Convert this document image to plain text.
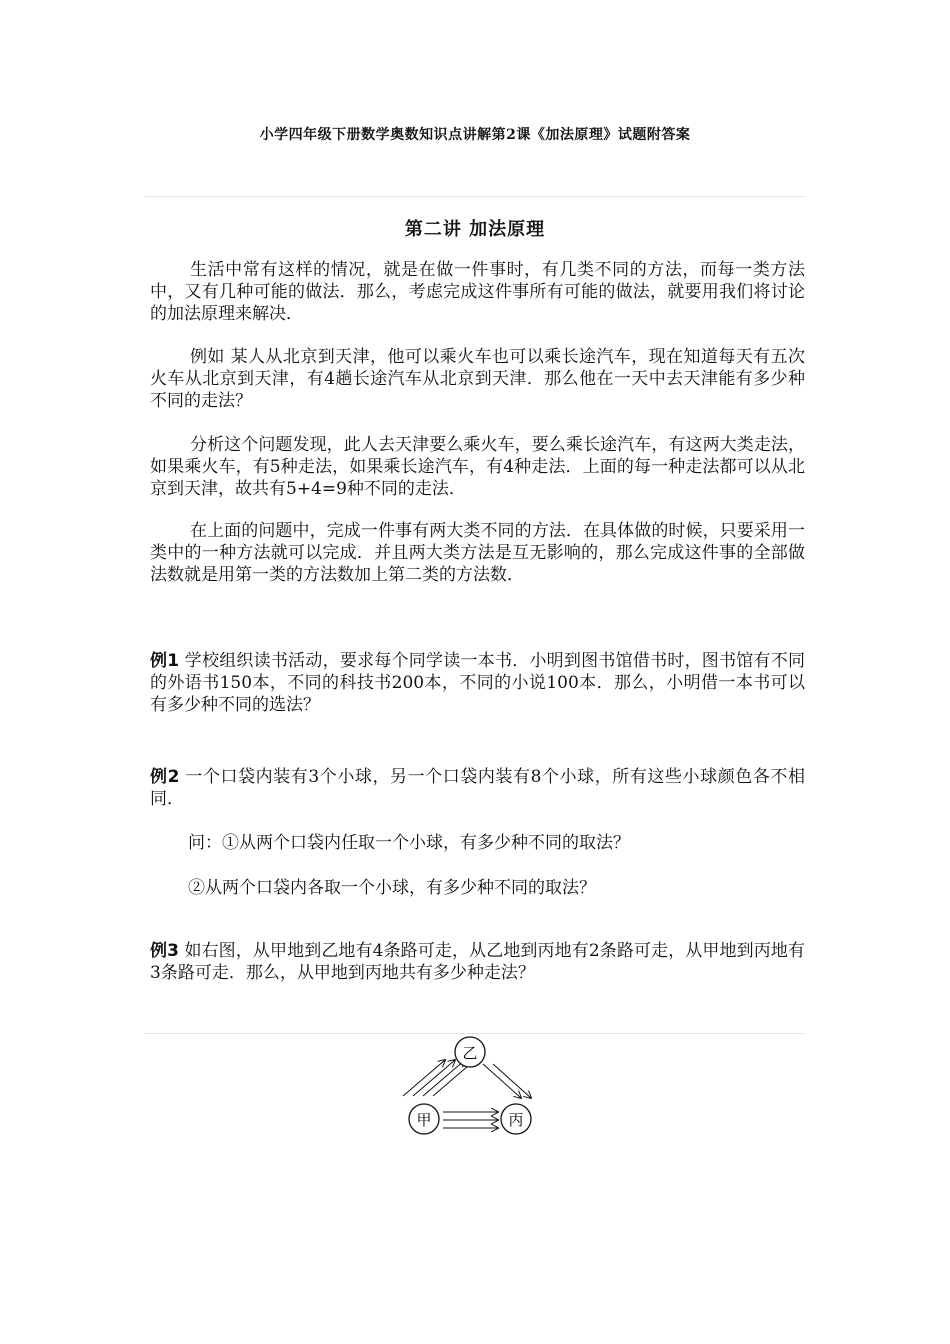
小学四年级下册数学奥数知识点讲解第2课《加法原理》试题附答案
第二讲 加法原理
生活中常有这样的情况，就是在做一件事时，有几类不同的方法，而每一类方法中，又有几种可能的做法．那么，考虑完成这件事所有可能的做法，就要用我们将讨论的加法原理来解决．
例如 某人从北京到天津，他可以乘火车也可以乘长途汽车，现在知道每天有五次火车从北京到天津，有4趟长途汽车从北京到天津．那么他在一天中去天津能有多少种不同的走法？
分析这个问题发现，此人去天津要么乘火车，要么乘长途汽车，有这两大类走法，如果乘火车，有5种走法，如果乘长途汽车，有4种走法．上面的每一种走法都可以从北京到天津，故共有5+4=9种不同的走法．
在上面的问题中，完成一件事有两大类不同的方法．在具体做的时候，只要采用一类中的一种方法就可以完成．并且两大类方法是互无影响的，那么完成这件事的全部做法数就是用第一类的方法数加上第二类的方法数．
例1 学校组织读书活动，要求每个同学读一本书．小明到图书馆借书时，图书馆有不同的外语书150本，不同的科技书200本，不同的小说100本．那么，小明借一本书可以有多少种不同的选法？
例2 一个口袋内装有3个小球，另一个口袋内装有8个小球，所有这些小球颜色各不相同．
问：①从两个口袋内任取一个小球，有多少种不同的取法？
②从两个口袋内各取一个小球，有多少种不同的取法？
例3 如右图，从甲地到乙地有4条路可走，从乙地到丙地有2条路可走，从甲地到丙地有3条路可走．那么，从甲地到丙地共有多少种走法？
乙
甲	丙
